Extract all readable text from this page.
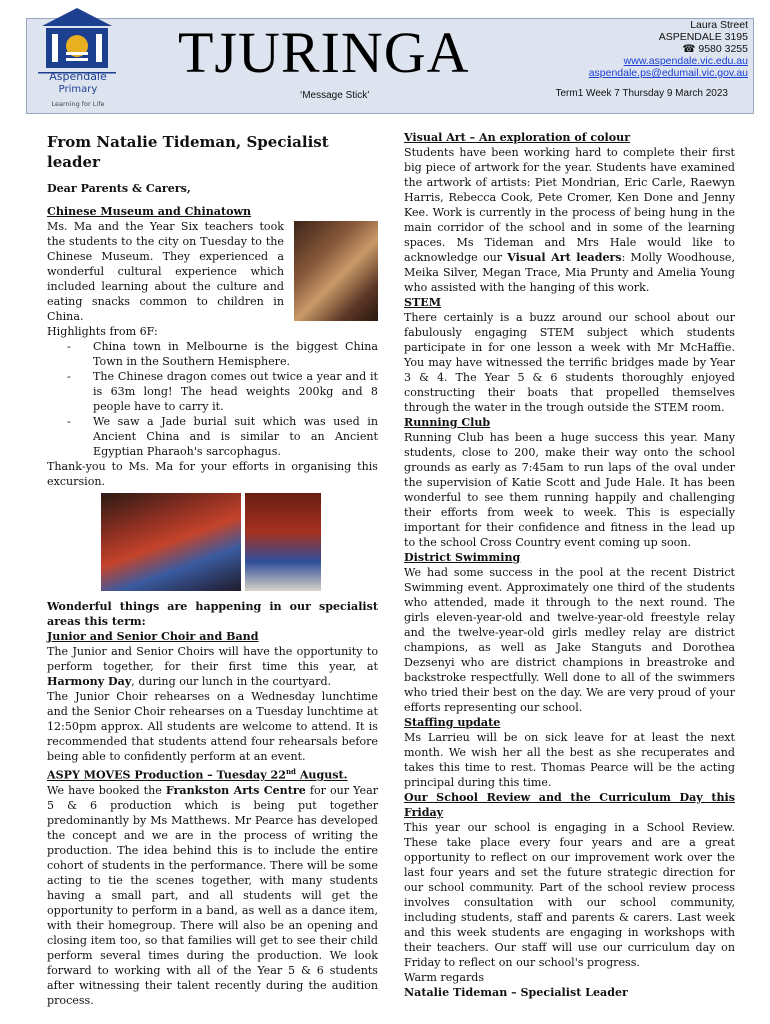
Aspendale
Primary
Learning for Life
TJURINGA
‘Message Stick’
Laura Street
ASPENDALE 3195
☎ 9580 3255
www.aspendale.vic.edu.au
aspendale.ps@edumail.vic.gov.au
Term1 Week 7 Thursday 9 March 2023
From Natalie Tideman, Specialist leader

Dear Parents & Carers,

Chinese Museum and Chinatown

Ms. Ma and the Year Six teachers took the students to the city on Tuesday to the Chinese Museum. They experienced a wonderful cultural experience which included learning about the culture and eating snacks common to children in China.

Highlights from 6F:

- China town in Melbourne is the biggest China Town in the Southern Hemisphere.
- The Chinese dragon comes out twice a year and it is 63m long! The head weights 200kg and 8 people have to carry it.
- We saw a Jade burial suit which was used in Ancient China and is similar to an Ancient Egyptian Pharaoh's sarcophagus.

Thank-you to Ms. Ma for your efforts in organising this excursion.

Wonderful things are happening in our specialist areas this term:

Junior and Senior Choir and Band

The Junior and Senior Choirs will have the opportunity to perform together, for their first time this year, at Harmony Day, during our lunch in the courtyard.

The Junior Choir rehearses on a Wednesday lunchtime and the Senior Choir rehearses on a Tuesday lunchtime at 12:50pm approx. All students are welcome to attend. It is recommended that students attend four rehearsals before being able to confidently perform at an event.

ASPY MOVES Production – Tuesday 22nd August.

We have booked the Frankston Arts Centre for our Year 5 & 6 production which is being put together predominantly by Ms Matthews. Mr Pearce has developed the concept and we are in the process of writing the production. The idea behind this is to include the entire cohort of students in the performance. There will be some acting to tie the scenes together, with many students having a small part, and all students will get the opportunity to perform in a band, as well as a dance item, with their homegroup. There will also be an opening and closing item too, so that families will get to see their child perform several times during the production. We look forward to working with all of the Year 5 & 6 students after witnessing their talent recently during the audition process.

Visual Art – An exploration of colour

Students have been working hard to complete their first big piece of artwork for the year. Students have examined the artwork of artists: Piet Mondrian, Eric Carle, Raewyn Harris, Rebecca Cook, Pete Cromer, Ken Done and Jenny Kee. Work is currently in the process of being hung in the main corridor of the school and in some of the learning spaces. Ms Tideman and Mrs Hale would like to acknowledge our Visual Art leaders: Molly Woodhouse, Meika Silver, Megan Trace, Mia Prunty and Amelia Young who assisted with the hanging of this work.

STEM

There certainly is a buzz around our school about our fabulously engaging STEM subject which students participate in for one lesson a week with Mr McHaffie. You may have witnessed the terrific bridges made by Year 3 & 4. The Year 5 & 6 students thoroughly enjoyed constructing their boats that propelled themselves through the water in the trough outside the STEM room.

Running Club

Running Club has been a huge success this year. Many students, close to 200, make their way onto the school grounds as early as 7:45am to run laps of the oval under the supervision of Katie Scott and Jude Hale. It has been wonderful to see them running happily and challenging their efforts from week to week. This is especially important for their confidence and fitness in the lead up to the school Cross Country event coming up soon.

District Swimming

We had some success in the pool at the recent District Swimming event. Approximately one third of the students who attended, made it through to the next round. The girls eleven-year-old and twelve-year-old freestyle relay and the twelve-year-old girls medley relay are district champions, as well as Jake Stanguts and Dorothea Dezsenyi who are district champions in breastroke and backstroke respectfully. Well done to all of the swimmers who tried their best on the day. We are very proud of your efforts representing our school.

Staffing update

Ms Larrieu will be on sick leave for at least the next month. We wish her all the best as she recuperates and takes this time to rest. Thomas Pearce will be the acting principal during this time.

Our School Review and the Curriculum Day this Friday

This year our school is engaging in a School Review. These take place every four years and are a great opportunity to reflect on our improvement work over the last four years and set the future strategic direction for our school community. Part of the school review process involves consultation with our school community, including students, staff and parents & carers. Last week and this week students are engaging in workshops with their teachers. Our staff will use our curriculum day on Friday to reflect on our school's progress.

Warm regards

Natalie Tideman – Specialist Leader
